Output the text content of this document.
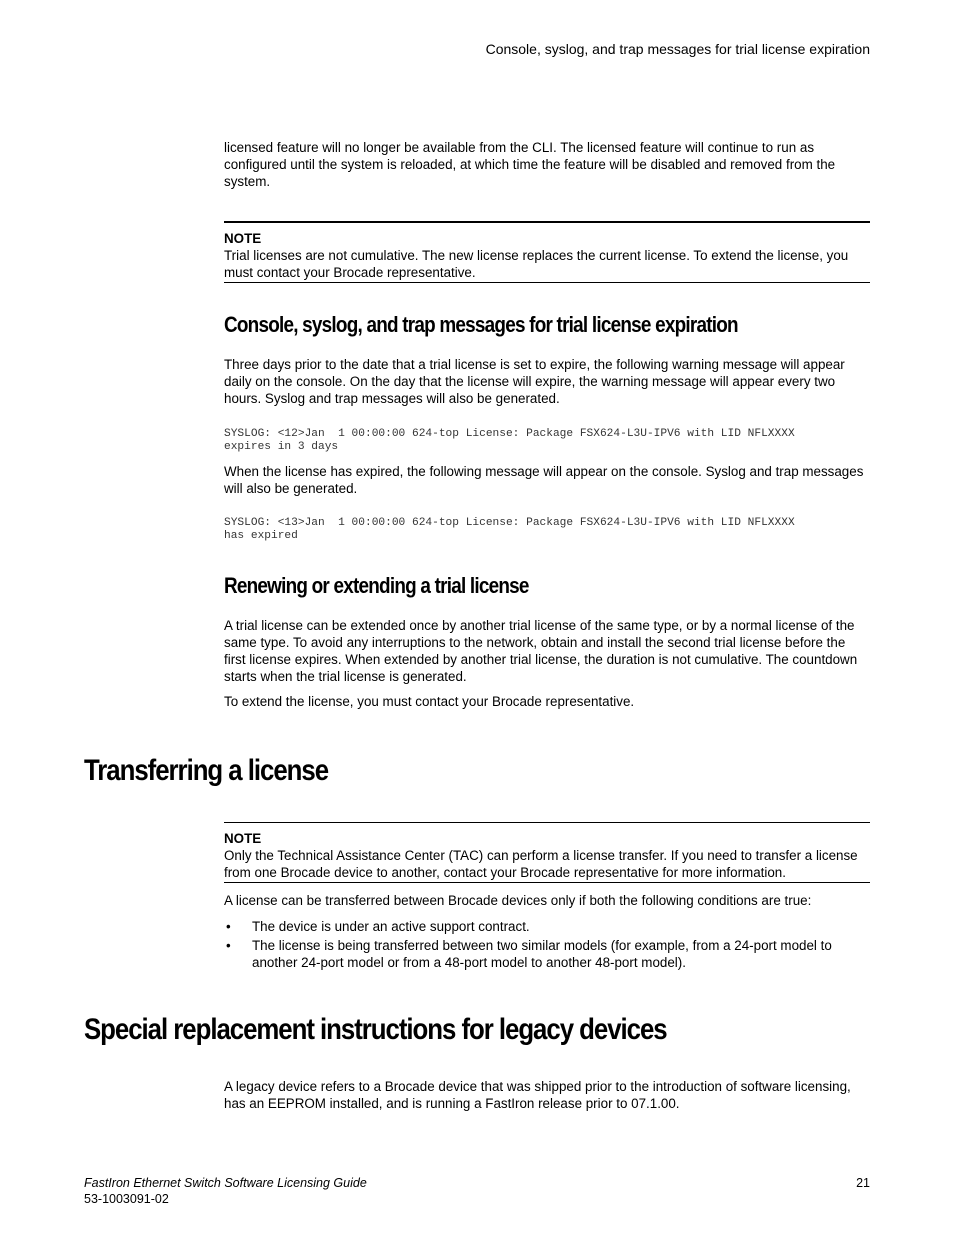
Console, syslog, and trap messages for trial license expiration
licensed feature will no longer be available from the CLI. The licensed feature will continue to run as configured until the system is reloaded, at which time the feature will be disabled and removed from the system.
NOTE
Trial licenses are not cumulative. The new license replaces the current license. To extend the license, you must contact your Brocade representative.
Console, syslog, and trap messages for trial license expiration
Three days prior to the date that a trial license is set to expire, the following warning message will appear daily on the console. On the day that the license will expire, the warning message will appear every two hours. Syslog and trap messages will also be generated.
SYSLOG: <12>Jan  1 00:00:00 624-top License: Package FSX624-L3U-IPV6 with LID NFLXXXX
expires in 3 days
When the license has expired, the following message will appear on the console. Syslog and trap messages will also be generated.
SYSLOG: <13>Jan  1 00:00:00 624-top License: Package FSX624-L3U-IPV6 with LID NFLXXXX
has expired
Renewing or extending a trial license
A trial license can be extended once by another trial license of the same type, or by a normal license of the same type. To avoid any interruptions to the network, obtain and install the second trial license before the first license expires. When extended by another trial license, the duration is not cumulative. The countdown starts when the trial license is generated.
To extend the license, you must contact your Brocade representative.
Transferring a license
NOTE
Only the Technical Assistance Center (TAC) can perform a license transfer. If you need to transfer a license from one Brocade device to another, contact your Brocade representative for more information.
A license can be transferred between Brocade devices only if both the following conditions are true:
• The device is under an active support contract.
• The license is being transferred between two similar models (for example, from a 24-port model to another 24-port model or from a 48-port model to another 48-port model).
Special replacement instructions for legacy devices
A legacy device refers to a Brocade device that was shipped prior to the introduction of software licensing, has an EEPROM installed, and is running a FastIron release prior to 07.1.00.
FastIron Ethernet Switch Software Licensing Guide
53-1003091-02
21
